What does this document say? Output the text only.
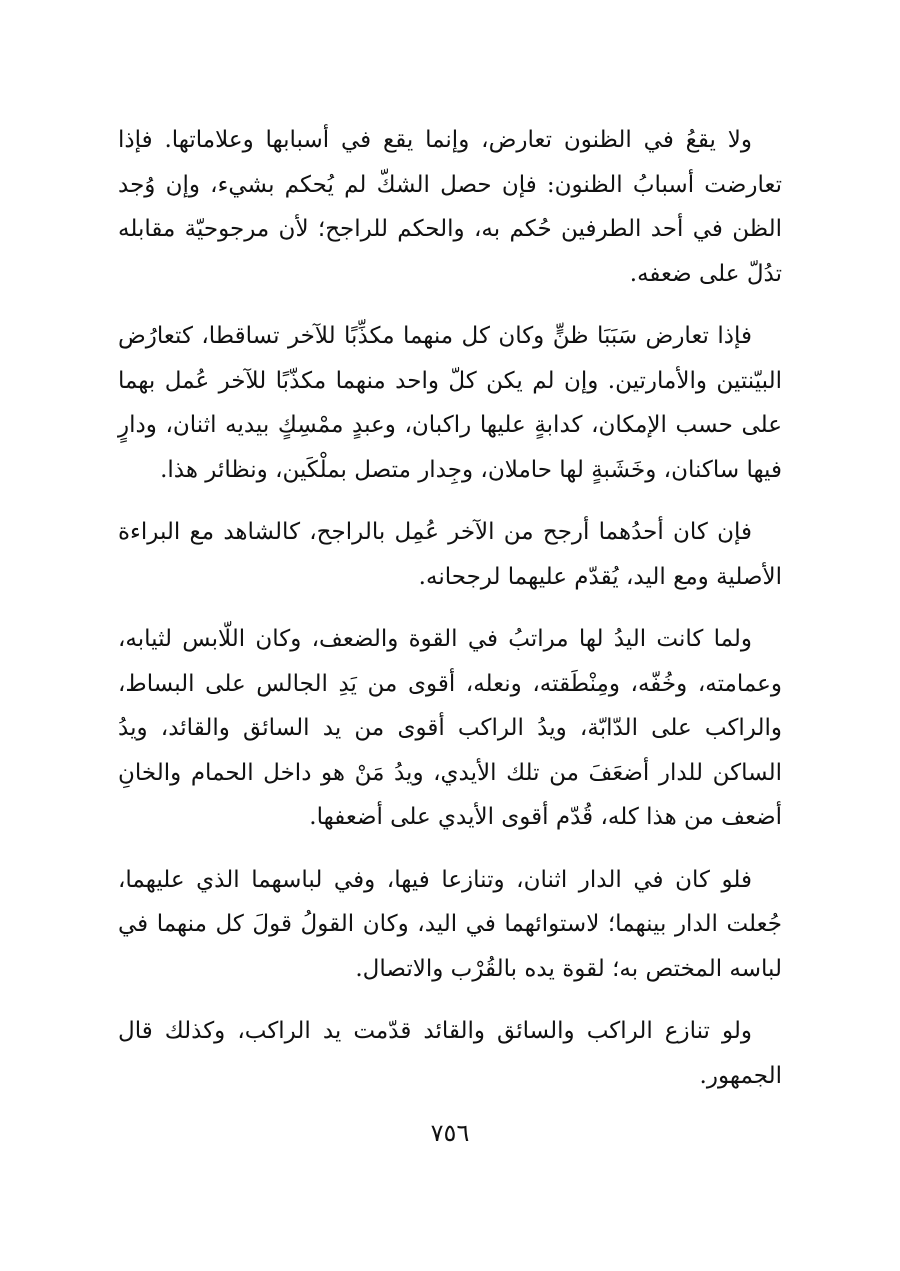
ولا يقعُ في الظنون تعارض، وإنما يقع في أسبابها وعلاماتها. فإذا تعارضت أسبابُ الظنون: فإن حصل الشكّ لم يُحكم بشيء، وإن وُجد الظن في أحد الطرفين حُكم به، والحكم للراجح؛ لأن مرجوحيّة مقابله تدُلّ على ضعفه.

فإذا تعارض سَبَبَا ظنٍّ وكان كل منهما مكذِّبًا للآخر تساقطا، كتعارُض البيّنتين والأمارتين. وإن لم يكن كلّ واحد منهما مكذّبًا للآخر عُمل بهما على حسب الإمكان، كدابةٍ عليها راكبان، وعبدٍ ممْسِكٍ بيديه اثنان، ودارٍ فيها ساكنان، وخَشَبةٍ لها حاملان، وجِدار متصل بملْكَين، ونظائر هذا.

فإن كان أحدُهما أرجح من الآخر عُمِل بالراجح، كالشاهد مع البراءة الأصلية ومع اليد، يُقدّم عليهما لرجحانه.

ولما كانت اليدُ لها مراتبُ في القوة والضعف، وكان اللّابس لثيابه، وعمامته، وخُفّه، ومِنْطَقته، ونعله، أقوى من يَدِ الجالس على البساط، والراكب على الدّابّة، ويدُ الراكب أقوى من يد السائق والقائد، ويدُ الساكن للدار أضعَفَ من تلك الأيدي، ويدُ مَنْ هو داخل الحمام والخانِ أضعف من هذا كله، قُدّم أقوى الأيدي على أضعفها.

فلو كان في الدار اثنان، وتنازعا فيها، وفي لباسهما الذي عليهما، جُعلت الدار بينهما؛ لاستوائهما في اليد، وكان القولُ قولَ كل منهما في لباسه المختص به؛ لقوة يده بالقُرْب والاتصال.

ولو تنازع الراكب والسائق والقائد قدّمت يد الراكب، وكذلك قال الجمهور.

٧٥٦
